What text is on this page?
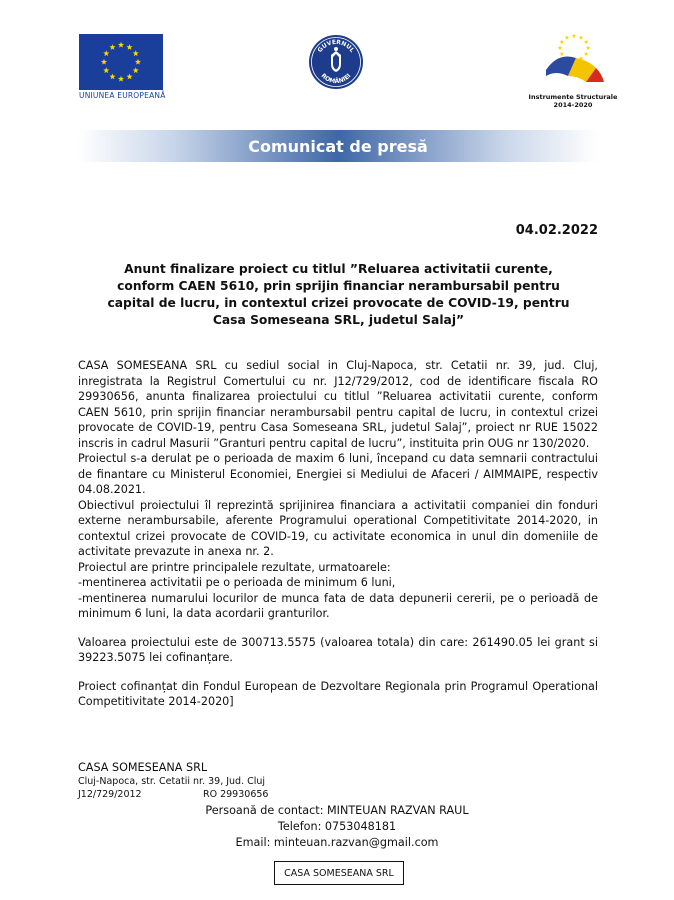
UNIUNEA EUROPEANĂ
GUVERNUL
ROMÂNIEI
Instrumente Structurale
2014-2020
Comunicat de presă
04.02.2022
Anunt finalizare proiect cu titlul ”Reluarea activitatii curente,
conform CAEN 5610, prin sprijin financiar nerambursabil pentru
capital de lucru, in contextul crizei provocate de COVID-19, pentru
Casa Someseana SRL, judetul Salaj”

CASA SOMESEANA SRL cu sediul social in Cluj-Napoca, str. Cetatii nr. 39, jud. Cluj, inregistrata la Registrul Comertului cu nr. J12/729/2012, cod de identificare fiscala RO 29930656, anunta finalizarea proiectului cu titlul ”Reluarea activitatii curente, conform CAEN 5610, prin sprijin financiar nerambursabil pentru capital de lucru, in contextul crizei provocate de COVID-19, pentru Casa Someseana SRL, judetul Salaj”, proiect nr RUE 15022 inscris in cadrul Masurii ”Granturi pentru capital de lucru”, instituita prin OUG nr 130/2020.

Proiectul s-a derulat pe o perioada de maxim 6 luni, începand cu data semnarii contractului de finantare cu Ministerul Economiei, Energiei si Mediului de Afaceri / AIMMAIPE, respectiv 04.08.2021.

Obiectivul proiectului îl reprezintă sprijinirea financiara a activitatii companiei din fonduri externe nerambursabile, aferente Programului operational Competitivitate 2014-2020, in contextul crizei provocate de COVID-19, cu activitate economica in unul din domeniile de activitate prevazute in anexa nr. 2.

Proiectul are printre principalele rezultate, urmatoarele:

-mentinerea activitatii pe o perioada de minimum 6 luni,

-mentinerea numarului locurilor de munca fata de data depunerii cererii, pe o perioadă de minimum 6 luni, la data acordarii granturilor.

Valoarea proiectului este de 300713.5575 (valoarea totala) din care: 261490.05 lei grant si 39223.5075 lei cofinanțare.

Proiect cofinanțat din Fondul European de Dezvoltare Regionala prin Programul Operational Competitivitate 2014-2020]

CASA SOMESEANA SRL
Cluj-Napoca, str. Cetatii nr. 39, Jud. Cluj
J12/729/2012	RO 29930656
Persoană de contact: MINTEUAN RAZVAN RAUL
Telefon: 0753048181
Email: minteuan.razvan@gmail.com
CASA SOMESEANA SRL
